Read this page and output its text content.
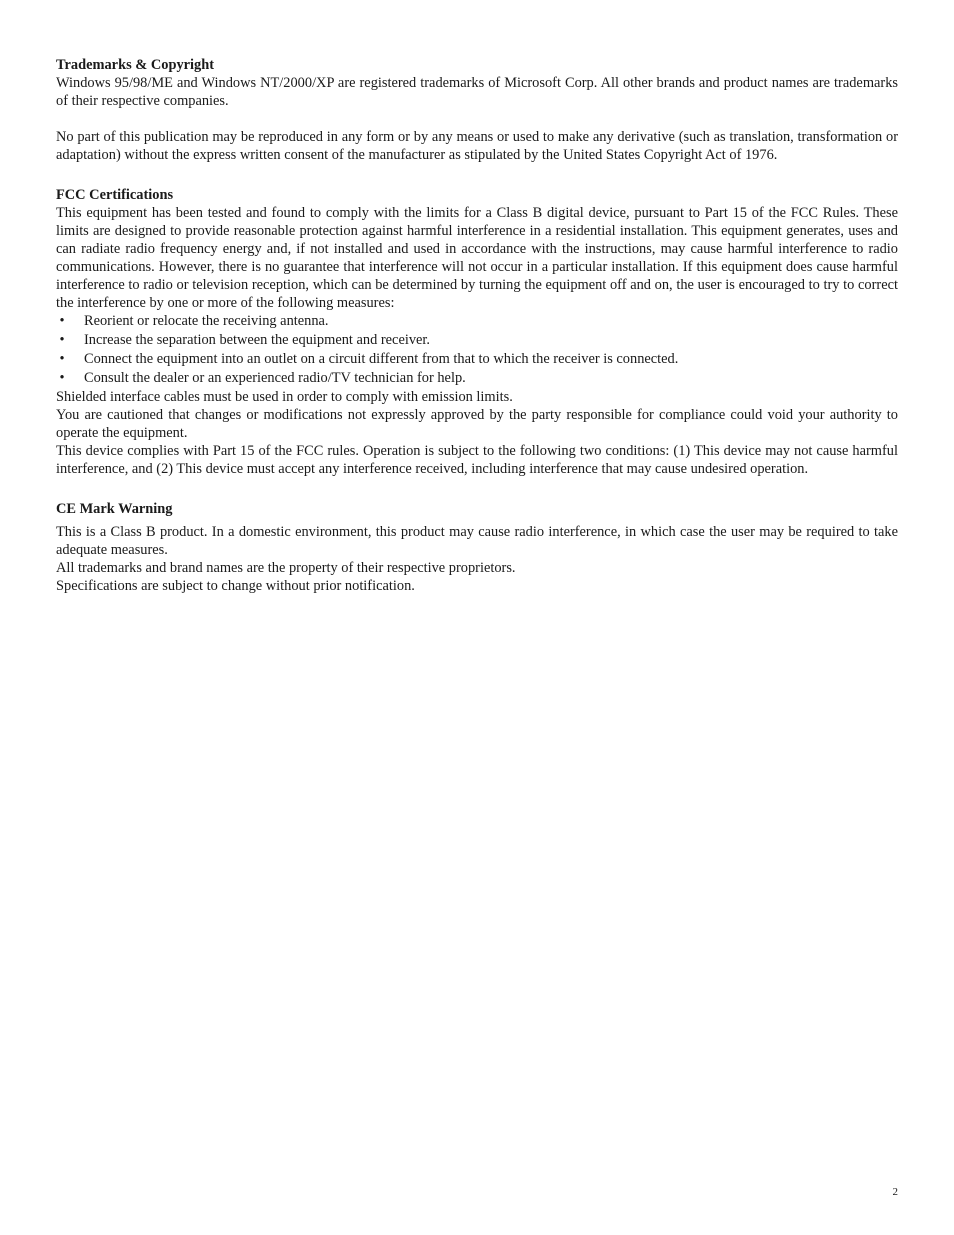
Trademarks & Copyright

Windows 95/98/ME and Windows NT/2000/XP are registered trademarks of Microsoft Corp. All other brands and product names are trademarks of their respective companies.

No part of this publication may be reproduced in any form or by any means or used to make any derivative (such as translation, transformation or adaptation) without the express written consent of the manufacturer as stipulated by the United States Copyright Act of 1976.

FCC Certifications

This equipment has been tested and found to comply with the limits for a Class B digital device, pursuant to Part 15 of the FCC Rules. These limits are designed to provide reasonable protection against harmful interference in a residential installation. This equipment generates, uses and can radiate radio frequency energy and, if not installed and used in accordance with the instructions, may cause harmful interference to radio communications. However, there is no guarantee that interference will not occur in a particular installation. If this equipment does cause harmful interference to radio or television reception, which can be determined by turning the equipment off and on, the user is encouraged to try to correct the interference by one or more of the following measures:

• Reorient or relocate the receiving antenna.
• Increase the separation between the equipment and receiver.
• Connect the equipment into an outlet on a circuit different from that to which the receiver is connected.
• Consult the dealer or an experienced radio/TV technician for help.

Shielded interface cables must be used in order to comply with emission limits.

You are cautioned that changes or modifications not expressly approved by the party responsible for compliance could void your authority to operate the equipment.

This device complies with Part 15 of the FCC rules. Operation is subject to the following two conditions: (1) This device may not cause harmful interference, and (2) This device must accept any interference received, including interference that may cause undesired operation.

CE Mark Warning

This is a Class B product. In a domestic environment, this product may cause radio interference, in which case the user may be required to take adequate measures.

All trademarks and brand names are the property of their respective proprietors.

Specifications are subject to change without prior notification.

2
